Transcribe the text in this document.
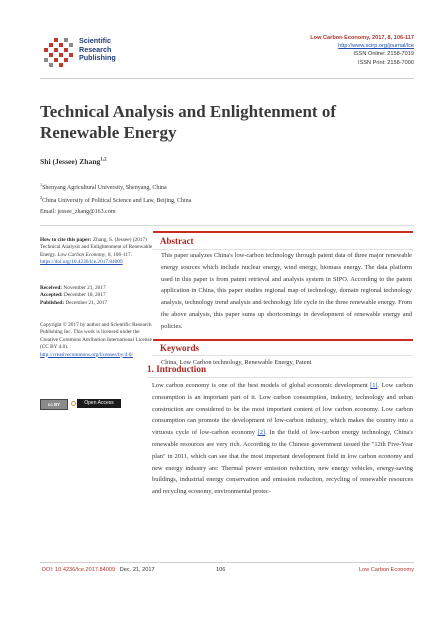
Scientific
Research
Publishing
Low Carbon Economy, 2017, 8, 106-117
http://www.scirp.org/journal/lce
ISSN Online: 2158-7019
ISSN Print: 2158-7000
Technical Analysis and Enlightenment of
Renewable Energy
Shi (Jessee) Zhang$^{1,2}$
$^1$Shenyang Agricultural University, Shenyang, China
$^2$China University of Political Science and Law, Beijing, China
Email: jessee_zhang@163.com
How to cite this paper: Zhang, S. (Jessee) (2017) Technical Analysis and Enlightenment of Renewable Energy. Low Carbon Economy, 8, 106-117. https://doi.org/10.4236/lce.2017.84009
Received: November 21, 2017
Accepted: December 18, 2017
Published: December 21, 2017
Copyright © 2017 by author and Scientific Research Publishing Inc. This work is licensed under the Creative Commons Attribution International License (CC BY 4.0).
http://creativecommons.org/licenses/by/4.0/
cc BY	Open Access
Abstract
This paper analyzes China's low-carbon technology through patent data of three major renewable energy sources which include nuclear energy, wind energy, biomass energy. The data platform used in this paper is from patent retrieval and analysis system in SIPO. According to the patent application in China, this paper studies regional map of technology, domain regional technology analysis, technology trend analysis and technology life cycle in the three renewable energy. From the above analysis, this paper sums up shortcomings in development of renewable energy and policies.
Keywords
China, Low Carbon technology, Renewable Energy, Patent
1. Introduction
Low carbon economy is one of the best models of global economic development [1]. Low carbon consumption is an important part of it. Low carbon consumption, industry, technology and urban construction are considered to be the most important content of low carbon economy. Low carbon consumption can promote the development of low-carbon industry, which makes the country into a virtuous cycle of low-carbon economy [2]. In the field of low-carbon energy technology, China's renewable resources are very rich. According to the Chinese government issued the "12th Five-Year plan" in 2011, which can see that the most important development field in low carbon economy and new energy industry are: Thermal power emission reduction, new energy vehicles, energy-saving buildings, industrial energy conservation and emission reduction, recycling of renewable resources and recycling economy, environmental protec-
DOI: 10.4236/lce.2017.84009 Dec. 21, 2017	106	Low Carbon Economy
